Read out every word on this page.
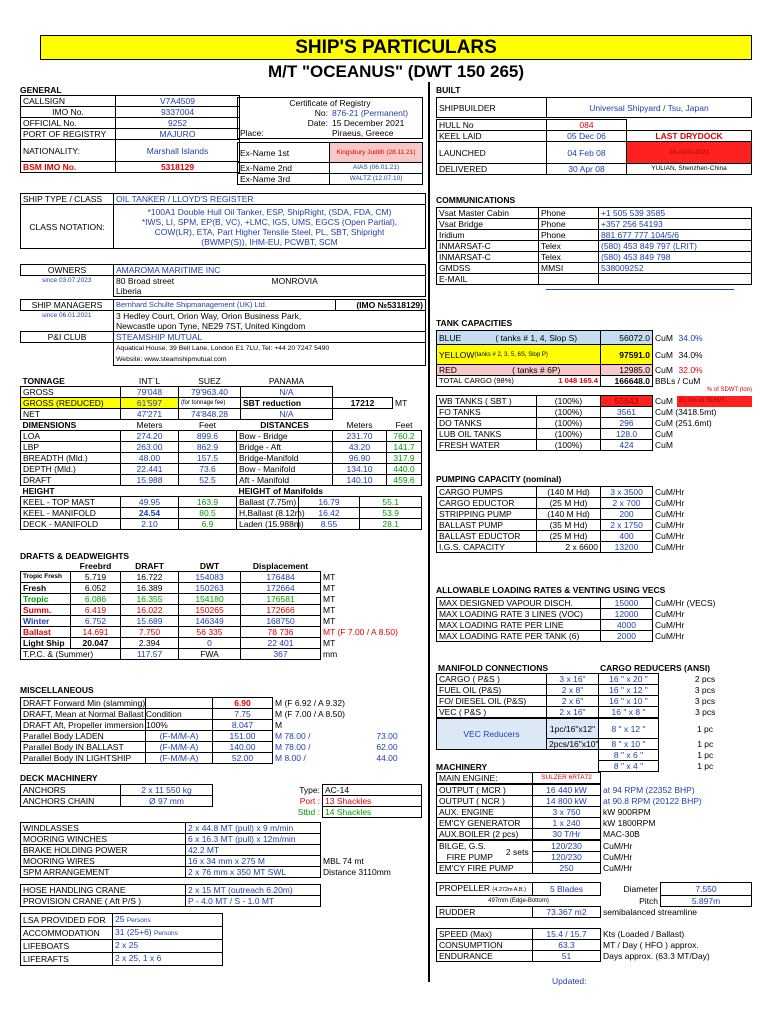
SHIP'S PARTICULARS
M/T "OCEANUS" (DWT 150 265)
GENERAL
CALLSIGN	V7A4509
IMO No.	9337004
OFFICIAL No.	9252
PORT OF REGISTRY	MAJURO
NATIONALITY:	Marshall Islands
BSM IMO No.	5318129
Certificate of Registry	
No:	876-21 (Permanent)
Date:	15 December 2021
Place:	Piraeus, Greece
Ex-Name 1st	Kingsbury Judith (28.11.21)
Ex-Name 2nd	AIAS (06.01.21)
Ex-Name 3rd	WALTZ (12.07.10)
BUILT
SHIPBUILDER	Universal Shipyard / Tsu, Japan
HULL No	084	
KEEL LAID	05 Dec 06	LAST DRYDOCK
LAUNCHED	04 Feb 08	26-AUG-2021
DELIVERED	30 Apr 08	YULIAN, Shenzhen-China
SHIP TYPE / CLASS	OIL TANKER / LLOYD'S REGISTER
CLASS NOTATION:	*100A1 Double Hull Oil Tanker, ESP, ShipRight, (SDA, FDA, CM)
*IWS, LI, SPM, EP(B, VC), +LMC, IGS, UMS, EGCS (Open Partial),
COW(LR), ETA, Part Higher Tensile Steel, PL, SBT, Shipright
(BWMP(S)), IHM-EU, PCWBT, SCM
COMMUNICATIONS
Vsat Master Cabin	Phone	+1 505 539 3585
Vsat Bridge	Phone	+357 256 54193
Iridium	Phone	881 677 777 104/5/6
INMARSAT-C	Telex	(580) 453 849 797 (LRIT)
INMARSAT-C	Telex	(580) 453 849 798
GMDSS	MMSI	538009252
E-MAIL		
OWNERS	AMAROMA MARITIME INC	
since 03.07.2023	80 Broad street	MONROVIA
	Liberia	
SHIP MANAGERS	Bernhard Schulte Shipmanagement (UK) Ltd.	(IMO №5318129)
since 06.01.2021	3 Hedley Court, Orion Way, Orion Business Park,	
	Newcastle upon Tyne, NE29 7ST, United Kingdom	
P&I CLUB	STEAMSHIP MUTUAL	
	Aquatical House, 39 Bell Lane, London E1 7LU, Tel: +44 20 7247 5490	
	Website: www.steamshipmutual.com	
TANK CAPACITIES
BLUE	( tanks # 1, 4, Slop S)	56072.0	CuM	34.0%
YELLOW	(tanks # 2, 3, 5, 6S, Slop P)	97591.0	CuM	34.0%
RED	( tanks # 6P)	12985.0	CuM	32.0%
TOTAL CARGO (98%) 1 048 165.4		166648.0	BBLs / CuM	
% of SDWT (ton)
WB TANKS ( SBT )	(100%)	55643	CuM	33.0% of SDWT
FO TANKS	(100%)	3561	CuM (3418.5mt)	
DO TANKS	(100%)	296	CuM (251.6mt)	
LUB OIL TANKS	(100%)	128.0	CuM	
FRESH WATER	(100%)	424	CuM	
TONNAGE	INT`L	SUEZ	PANAMA		
GROSS	79'048	79'963.40	N/A		
GROSS (REDUCED)	61'597	(for tonnage fee)	SBT reduction	17212	MT
NET	47'271	74'848.28	N/A		
DIMENSIONS	Meters	Feet	DISTANCES	Meters	Feet
LOA	274.20	899.6	Bow - Bridge	231.70	760.2
LBP	263.00	862.9	Bridge - Aft	43.20	141.7
BREADTH (Mld.)	48.00	157.5	Bridge-Manifold	96.90	317.9
DEPTH (Mld.)	22.441	73.6	Bow - Manifold	134.10	440.0
DRAFT	15.988	52.5	Aft - Manifold	140.10	459.6
HEIGHT			HEIGHT of Manifolds		
KEEL - TOP MAST	49.95	163.9	Ballast (7.75m)	16.79	55.1
KEEL - MANIFOLD	24.54	80.5	H.Ballast (8.12m)	16.42	53.9
DECK - MANIFOLD	2.10	6.9	Laden (15.988m)	8.55	28.1
PUMPING CAPACITY (nominal)
CARGO PUMPS	(140 M Hd)	3 x 3500	CuM/Hr
CARGO EDUCTOR	(25 M Hd)	2 x 700	CuM/Hr
STRIPPING PUMP	(140 M Hd)	200	CuM/Hr
BALLAST PUMP	(35 M Hd)	2 x 1750	CuM/Hr
BALLAST EDUCTOR	(25 M Hd)	400	CuM/Hr
I.G.S. CAPACITY	2 x 6600	13200	CuM/Hr
DRAFTS & DEADWEIGHTS
	Freebrd	DRAFT	DWT	Displacement	
Tropic Fresh	5.719	16.722	154083	176484	MT
Fresh	6.052	16.389	150263	172664	MT
Tropic	6.086	16.355	154180	176581	MT
Summ.	6.419	16.022	150265	172666	MT
Winter	6.752	15.689	146349	168750	MT
Ballast	14.691	7.750	56 335	78 736	MT (F 7.00 / A 8.50)
Light Ship	20.047	2.394	0	22 401	MT
T.P.C. & (Summer)		117.57	FWA	367	mm
ALLOWABLE LOADING RATES & VENTING USING VECS
MAX DESIGNED VAPOUR DISCH.	15000	CuM/Hr (VECS)
MAX LOADING RATE 3 LINES (VOC)	12000	CuM/Hr
MAX LOADING RATE PER LINE	4000	CuM/Hr
MAX LOADING RATE PER TANK (6)	2000	CuM/Hr
MANIFOLD CONNECTIONS		CARGO REDUCERS (ANSI)
CARGO ( P&S )	3 x 16"	16 " x 20 "	2 pcs
FUEL OIL (P&S)	2 x 8"	16 " x 12 "	3 pcs
FO/ DIESEL OIL (P&S)	2 x 6"	16 " x 10 "	3 pcs
VEC ( P&S )	2 x 16"	16 " x 8 "	3 pcs
VEC Reducers	1pc/16"x12"	8 " x 12 "	1 pc
	2pcs/16"x10"	8 " x 10 "	1 pc
		8 " x 6 "	1 pc
		8 " x 4 "	1 pc
MISCELLANEOUS
DRAFT Forward Min (slamming)		6.90	M (F 6.92 / A 9.32)	
DRAFT, Mean at Normal Ballast Condition		7.75	M (F 7.00 / A 8.50)	
DRAFT Aft, Propeller immersion 100%		8.047	M	
Parallel Body LADEN	(F-M/M-A)	151.00	M 78.00 /	73.00
Parallel Body IN BALLAST	(F-M/M-A)	140.00	M 78.00 /	62.00
Parallel Body IN LIGHTSHIP	(F-M/M-A)	52.00	M 8.00 /	44.00
DECK MACHINERY
ANCHORS	2 x 11 550 kg	Type:	AC-14
ANCHORS CHAIN	Ø 97 mm	Port :	13 Shackles
		Stbd :	14 Shackles
WINDLASSES	2 x 44.8 MT (pull) x 9 m/min	
MOORING WINCHES	6 x 16.3 MT (pull) x 12m/min	
BRAKE HOLDING POWER	42.2 MT	
MOORING WIRES	16 x 34 mm x 275 M	MBL 74 mt
SPM ARRANGEMENT	2 x 76 mm x 350 MT SWL	Distance 3110mm
HOSE HANDLING CRANE	2 x 15 MT (outreach 6.20m)	
PROVISION CRANE ( Aft P/S )	P - 4.0 MT / S - 1.0 MT	
LSA PROVIDED FOR	25 Persons	
ACCOMMODATION	31 (25+6) Persons	
LIFEBOATS	2 x 25	
LIFERAFTS	2 x 25, 1 x 6	
MACHINERY
MAIN ENGINE:	SULZER 6RTA72	
OUTPUT ( MCR )	16 440 kW	at 94 RPM (22352 BHP)
OUTPUT ( NCR )	14 800 kW	at 90.8 RPM (20122 BHP)
AUX. ENGINE	3 x 750	kW 900RPM
EM'CY GENERATOR	1 x 240	kW 1800RPM
AUX.BOILER (2 pcs)	30 T/Hr	MAC-30B
BILGE, G.S.	2 sets	120/230	CuM/Hr
FIRE PUMP		120/230	CuM/Hr
EM'CY FIRE PUMP		250	CuM/Hr
PROPELLER (4.272m A.B.)	5 Blades	Diameter	7.550
497mm (Edge-Bottom)		Pitch	5.897m
RUDDER	73.367 m2	semibalanced streamline	
SPEED (Max)	15.4 / 15.7	Kts (Loaded / Ballast)
CONSUMPTION	63.3	MT / Day ( HFO ) approx.
ENDURANCE	51	Days approx. (63.3 MT/Day)
Updated:
